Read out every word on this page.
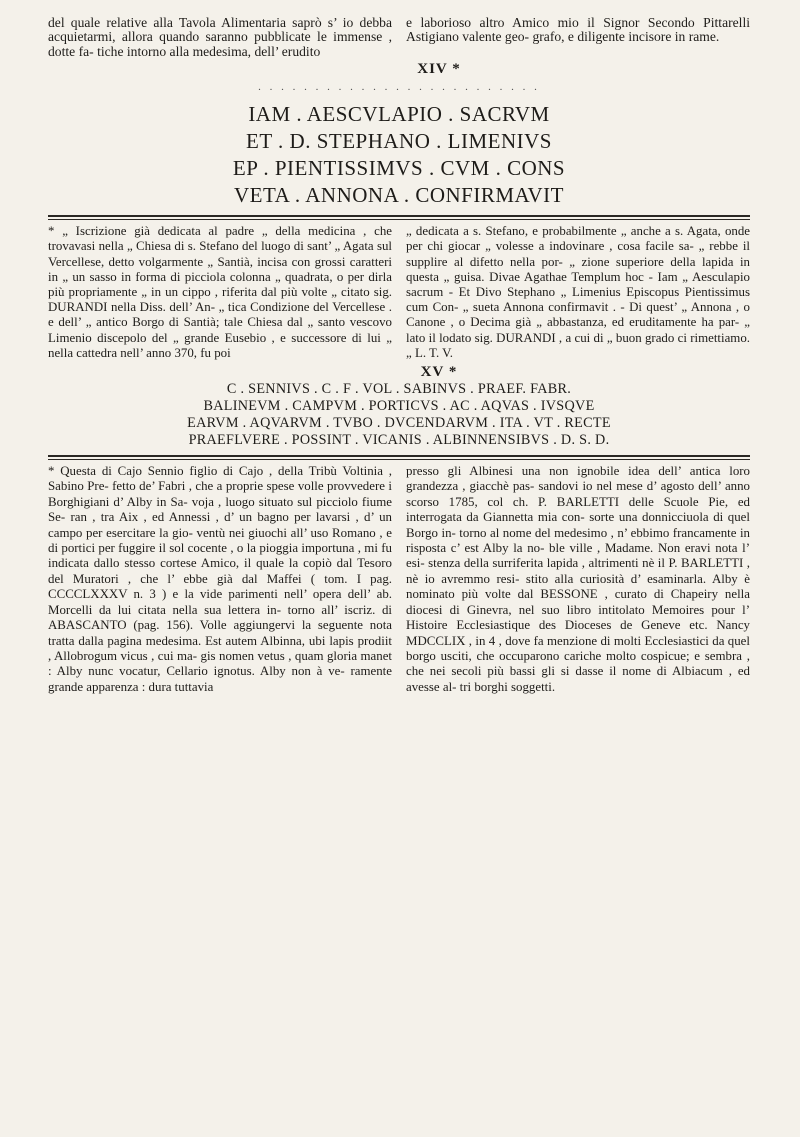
del quale relative alla Tavola Alimentaria saprò s’ io debba acquietarmi, allora quando saranno pubblicate le immense , dotte fa- tiche intorno alla medesima, dell’ erudito

e laborioso altro Amico mio il Signor Secondo Pittarelli Astigiano valente geo- grafo, e diligente incisore in rame.

XIV *
. . . . . . . . . . . . . . . . . . . . . . . . .
IAM . AESCVLAPIO . SACRVM
ET . D. STEPHANO . LIMENIVS
EP . PIENTISSIMVS . CVM . CONS
VETA . ANNONA . CONFIRMAVIT

* „ Iscrizione già dedicata al padre „ della medicina , che trovavasi nella „ Chiesa di s. Stefano del luogo di sant’ „ Agata sul Vercellese, detto volgarmente „ Santià, incisa con grossi caratteri in „ un sasso in forma di picciola colonna „ quadrata, o per dirla più propriamente „ in un cippo , riferita dal più volte „ citato sig. DURANDI nella Diss. dell’ An- „ tica Condizione del Vercellese . e dell’ „ antico Borgo di Santià; tale Chiesa dal „ santo vescovo Limenio discepolo del „ grande Eusebio , e successore di lui „ nella cattedra nell’ anno 370, fu poi

„ dedicata a s. Stefano, e probabilmente „ anche a s. Agata, onde per chi giocar „ volesse a indovinare , cosa facile sa- „ rebbe il supplire al difetto nella por- „ zione superiore della lapida in questa „ guisa. Divae Agathae Templum hoc - Iam „ Aesculapio sacrum - Et Divo Stephano „ Limenius Episcopus Pientissimus cum Con- „ sueta Annona confirmavit . - Di quest’ „ Annona , o Canone , o Decima già „ abbastanza, ed eruditamente ha par- „ lato il lodato sig. DURANDI , a cui di „ buon grado ci rimettiamo. „ L. T. V.

XV *
C . SENNIVS . C . F . VOL . SABINVS . PRAEF. FABR.
BALINEVM . CAMPVM . PORTICVS . AC . AQVAS . IVSQVE
EARVM . AQVARVM . TVBO . DVCENDARVM . ITA . VT . RECTE
PRAEFLVERE . POSSINT . VICANIS . ALBINNENSIBVS . D. S. D.

* Questa di Cajo Sennio figlio di Cajo , della Tribù Voltinia , Sabino Pre- fetto de’ Fabri , che a proprie spese volle provvedere i Borghigiani d’ Alby in Sa- voja , luogo situato sul picciolo fiume Se- ran , tra Aix , ed Annessi , d’ un bagno per lavarsi , d’ un campo per esercitare la gio- ventù nei giuochi all’ uso Romano , e di portici per fuggire il sol cocente , o la pioggia importuna , mi fu indicata dallo stesso cortese Amico, il quale la copiò dal Tesoro del Muratori , che l’ ebbe già dal Maffei ( tom. I pag. CCCCLXXXV n. 3 ) e la vide parimenti nell’ opera dell’ ab. Morcelli da lui citata nella sua lettera in- torno all’ iscriz. di ABASCANTO (pag. 156). Volle aggiungervi la seguente nota tratta dalla pagina medesima. Est autem Albinna, ubi lapis prodiit , Allobrogum vicus , cui ma- gis nomen vetus , quam gloria manet : Alby nunc vocatur, Cellario ignotus. Alby non à ve- ramente grande apparenza : dura tuttavia

presso gli Albinesi una non ignobile idea dell’ antica loro grandezza , giacchè pas- sandovi io nel mese d’ agosto dell’ anno scorso 1785, col ch. P. BARLETTI delle Scuole Pie, ed interrogata da Giannetta mia con- sorte una donnicciuola di quel Borgo in- torno al nome del medesimo , n’ ebbimo francamente in risposta c’ est Alby la no- ble ville , Madame. Non eravi nota l’ esi- stenza della surriferita lapida , altrimenti nè il P. BARLETTI , nè io avremmo resi- stito alla curiosità d’ esaminarla. Alby è nominato più volte dal BESSONE , curato di Chapeiry nella diocesi di Ginevra, nel suo libro intitolato Memoires pour l’ Histoire Ecclesiastique des Dioceses de Geneve etc. Nancy MDCCLIX , in 4 , dove fa menzione di molti Ecclesiastici da quel borgo usciti, che occuparono cariche molto cospicue; e sembra , che nei secoli più bassi gli si dasse il nome di Albiacum , ed avesse al- tri borghi soggetti.
